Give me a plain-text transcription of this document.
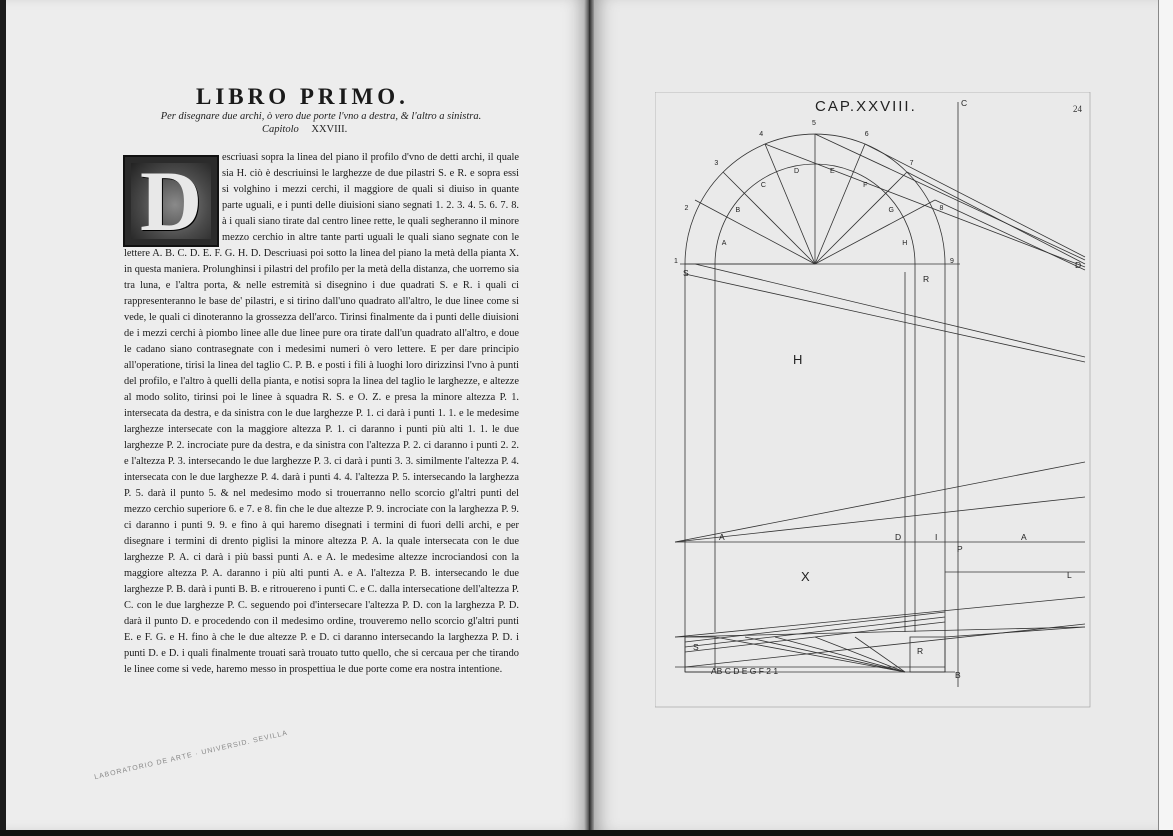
LIBRO PRIMO.
Per disegnare due archi, ò vero due porte l'vno a destra, & l'altro a sinistra.
Capitolo XXVIII.
D	escriuasi sopra la linea del piano il profilo d'vno de detti archi, il quale sia H. ciò è descriuinsi le larghezze de due pilastri S. e R. e sopra essi si volghino i mezzi cerchi, il maggiore de quali si diuiso in quante parte uguali, e i punti delle diuisioni siano segnati 1. 2. 3. 4. 5. 6. 7. 8. à i quali siano tirate dal centro linee rette, le quali segheranno il minore mezzo cerchio in altre tante parti uguali le quali siano segnate con le lettere A. B. C. D. E. F. G. H. D. Descriuasi poi sotto la linea del piano la metà della pianta X. in questa maniera. Prolunghinsi i pilastri del profilo per la metà della distanza, che uorremo sia tra luna, e l'altra porta, & nelle estremità si disegnino i due quadrati S. e R. i quali ci rappresenteranno le base de' pilastri, e si tirino dall'uno quadrato all'altro, le due linee come si vede, le quali ci dinoteranno la grossezza dell'arco. Tirinsi finalmente da i punti delle diuisioni de i mezzi cerchi à piombo linee alle due linee pure ora tirate dall'un quadrato all'altro, e doue le cadano siano contrasegnate con i medesimi numeri ò vero lettere. E per dare principio all'operatione, tirisi la linea del taglio C. P. B. e posti i fili à luoghi loro dirizzinsi l'vno à punti del profilo, e l'altro à quelli della pianta, e notisi sopra la linea del taglio le larghezze, e altezze al modo solito, tirinsi poi le linee à squadra R. S. e O. Z. e presa la minore altezza P. 1. intersecata da destra, e da sinistra con le due larghezze P. 1. ci darà i punti 1. 1. e le medesime larghezze intersecate con la maggiore altezza P. 1. ci daranno i punti più alti 1. 1. le due larghezze P. 2. incrociate pure da destra, e da sinistra con l'altezza P. 2. ci daranno i punti 2. 2. e l'altezza P. 3. intersecando le due larghezze P. 3. ci darà i punti 3. 3. similmente l'altezza P. 4. intersecata con le due larghezze P. 4. darà i punti 4. 4. l'altezza P. 5. intersecando la larghezza P. 5. darà il punto 5. & nel medesimo modo si trouerranno nello scorcio gl'altri punti del mezzo cerchio superiore 6. e 7. e 8. fin che le due altezze P. 9. incrociate con la larghezza P. 9. ci daranno i punti 9. 9. e fino à qui haremo disegnati i termini di fuori delli archi, e per disegnare i termini di drento piglisi la minore altezza P. A. la quale intersecata con le due larghezze P. A. ci darà i più bassi punti A. e A. le medesime altezze incrociandosi con la maggiore altezza P. A. daranno i più alti punti A. e A. l'altezza P. B. intersecando le due larghezze P. B. darà i punti B. B. e ritrouereno i punti C. e C. dalla intersecatione dell'altezza P. C. con le due larghezze P. C. seguendo poi d'intersecare l'altezza P. D. con la larghezza P. D. darà il punto D. e procedendo con il medesimo ordine, trouveremo nello scorcio gl'altri punti E. e F. G. e H. fino à che le due altezze P. e D. ci daranno intersecando la larghezza P. D. i punti D. e D. i quali finalmente trouati sarà trouato tutto quello, che si cercaua per che tirando le linee come si vede, haremo messo in prospettiua le due porte come era nostra intentione.
LABORATORIO DE ARTE · UNIVERSID. SEVILLA
CAP.XXVIII.	24
H
X
S
R
C
P
B
D
A
L
A	D	I
S	R
AB C D E G F 2 1
1
2
3
4
5
6
7
8
9
A
B
C
D	E
F
G
H
